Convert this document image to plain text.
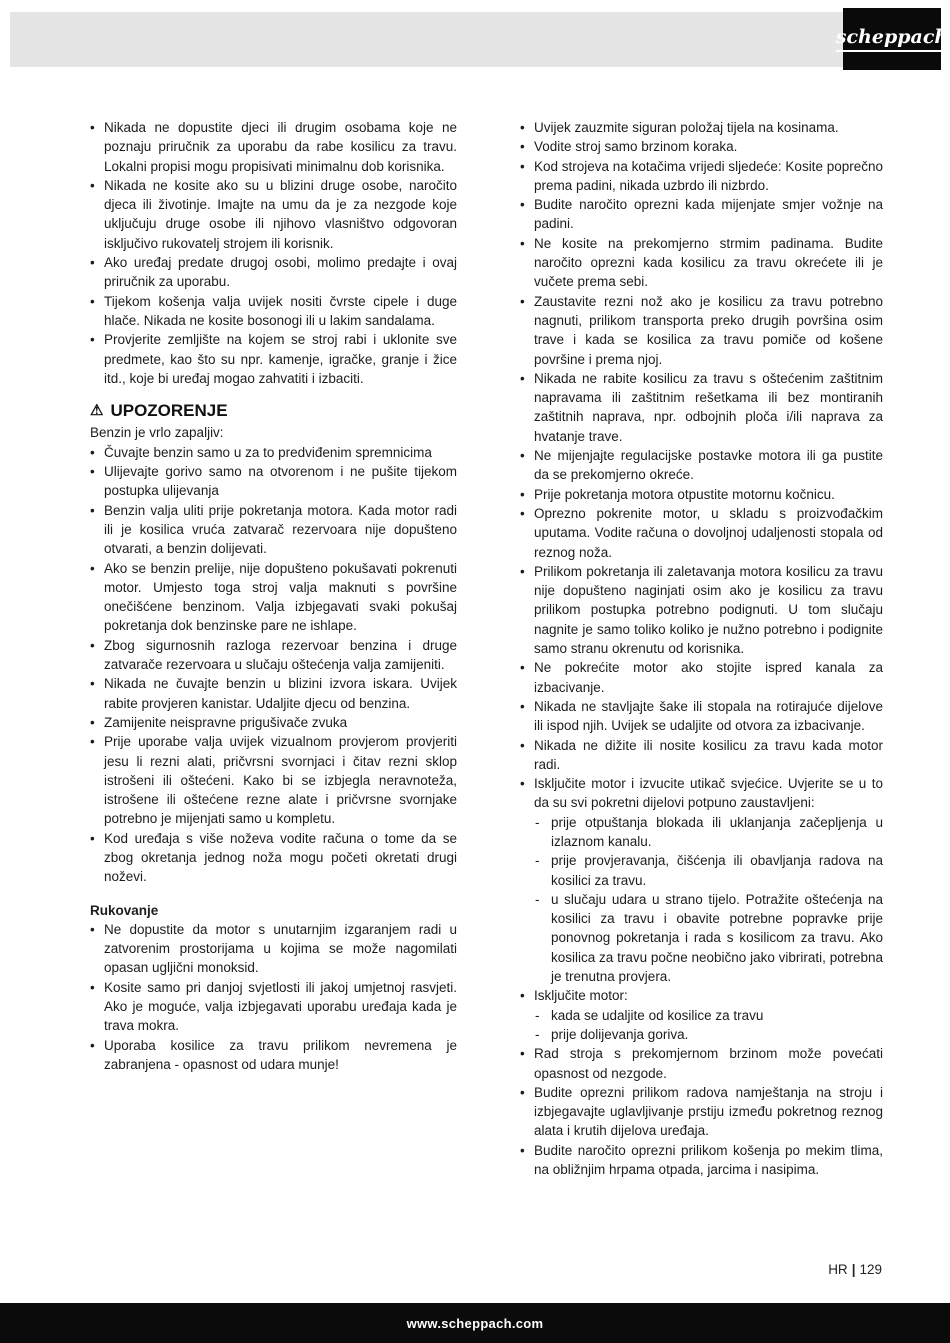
scheppach
• Nikada ne dopustite djeci ili drugim osobama koje ne poznaju priručnik za uporabu da rabe kosilicu za travu. Lokalni propisi mogu propisivati minimalnu dob korisnika.
• Nikada ne kosite ako su u blizini druge osobe, naročito djeca ili životinje. Imajte na umu da je za nezgode koje uključuju druge osobe ili njihovo vlasništvo odgovoran isključivo rukovatelj strojem ili korisnik.
• Ako uređaj predate drugoj osobi, molimo predajte i ovaj priručnik za uporabu.
• Tijekom košenja valja uvijek nositi čvrste cipele i duge hlače. Nikada ne kosite bosonogi ili u lakim sandalama.
• Provjerite zemljište na kojem se stroj rabi i uklonite sve predmete, kao što su npr. kamenje, igračke, granje i žice itd., koje bi uređaj mogao zahvatiti i izbaciti.
⚠ UPOZORENJE
Benzin je vrlo zapaljiv:
• Čuvajte benzin samo u za to predviđenim spremnicima
• Ulijevajte gorivo samo na otvorenom i ne pušite tijekom postupka ulijevanja
• Benzin valja uliti prije pokretanja motora. Kada motor radi ili je kosilica vruća zatvarač rezervoara nije dopušteno otvarati, a benzin dolijevati.
• Ako se benzin prelije, nije dopušteno pokušavati pokrenuti motor. Umjesto toga stroj valja maknuti s površine onečišćene benzinom. Valja izbjegavati svaki pokušaj pokretanja dok benzinske pare ne ishlape.
• Zbog sigurnosnih razloga rezervoar benzina i druge zatvarače rezervoara u slučaju oštećenja valja zamijeniti.
• Nikada ne čuvajte benzin u blizini izvora iskara. Uvijek rabite provjeren kanistar. Udaljite djecu od benzina.
• Zamijenite neispravne prigušivače zvuka
• Prije uporabe valja uvijek vizualnom provjerom provjeriti jesu li rezni alati, pričvrsni svornjaci i čitav rezni sklop istrošeni ili oštećeni. Kako bi se izbjegla neravnoteža, istrošene ili oštećene rezne alate i pričvrsne svornjake potrebno je mijenjati samo u kompletu.
• Kod uređaja s više noževa vodite računa o tome da se zbog okretanja jednog noža mogu početi okretati drugi noževi.
Rukovanje
• Ne dopustite da motor s unutarnjim izgaranjem radi u zatvorenim prostorijama u kojima se može nagomilati opasan ugljični monoksid.
• Kosite samo pri danjoj svjetlosti ili jakoj umjetnoj rasvjeti. Ako je moguće, valja izbjegavati uporabu uređaja kada je trava mokra.
• Uporaba kosilice za travu prilikom nevremena je zabranjena - opasnost od udara munje!
• Uvijek zauzmite siguran položaj tijela na kosinama.
• Vodite stroj samo brzinom koraka.
• Kod strojeva na kotačima vrijedi sljedeće: Kosite poprečno prema padini, nikada uzbrdo ili nizbrdo.
• Budite naročito oprezni kada mijenjate smjer vožnje na padini.
• Ne kosite na prekomjerno strmim padinama. Budite naročito oprezni kada kosilicu za travu okrećete ili je vučete prema sebi.
• Zaustavite rezni nož ako je kosilicu za travu potrebno nagnuti, prilikom transporta preko drugih površina osim trave i kada se kosilica za travu pomiče od košene površine i prema njoj.
• Nikada ne rabite kosilicu za travu s oštećenim zaštitnim napravama ili zaštitnim rešetkama ili bez montiranih zaštitnih naprava, npr. odbojnih ploča i/ili naprava za hvatanje trave.
• Ne mijenjajte regulacijske postavke motora ili ga pustite da se prekomjerno okreće.
• Prije pokretanja motora otpustite motornu kočnicu.
• Oprezno pokrenite motor, u skladu s proizvođačkim uputama. Vodite računa o dovoljnoj udaljenosti stopala od reznog noža.
• Prilikom pokretanja ili zaletavanja motora kosilicu za travu nije dopušteno naginjati osim ako je kosilicu za travu prilikom postupka potrebno podignuti. U tom slučaju nagnite je samo toliko koliko je nužno potrebno i podignite samo stranu okrenutu od korisnika.
• Ne pokrećite motor ako stojite ispred kanala za izbacivanje.
• Nikada ne stavljajte šake ili stopala na rotirajuće dijelove ili ispod njih. Uvijek se udaljite od otvora za izbacivanje.
• Nikada ne dižite ili nosite kosilicu za travu kada motor radi.
• Isključite motor i izvucite utikač svjećice. Uvjerite se u to da su svi pokretni dijelovi potpuno zaustavljeni:
- prije otpuštanja blokada ili uklanjanja začepljenja u izlaznom kanalu.
- prije provjeravanja, čišćenja ili obavljanja radova na kosilici za travu.
- u slučaju udara u strano tijelo. Potražite oštećenja na kosilici za travu i obavite potrebne popravke prije ponovnog pokretanja i rada s kosilicom za travu. Ako kosilica za travu počne neobično jako vibrirati, potrebna je trenutna provjera.
• Isključite motor:
- kada se udaljite od kosilice za travu
- prije dolijevanja goriva.
• Rad stroja s prekomjernom brzinom može povećati opasnost od nezgode.
• Budite oprezni prilikom radova namještanja na stroju i izbjegavajte uglavljivanje prstiju između pokretnog reznog alata i krutih dijelova uređaja.
• Budite naročito oprezni prilikom košenja po mekim tlima, na obližnjim hrpama otpada, jarcima i nasipima.
HR | 129
www.scheppach.com
